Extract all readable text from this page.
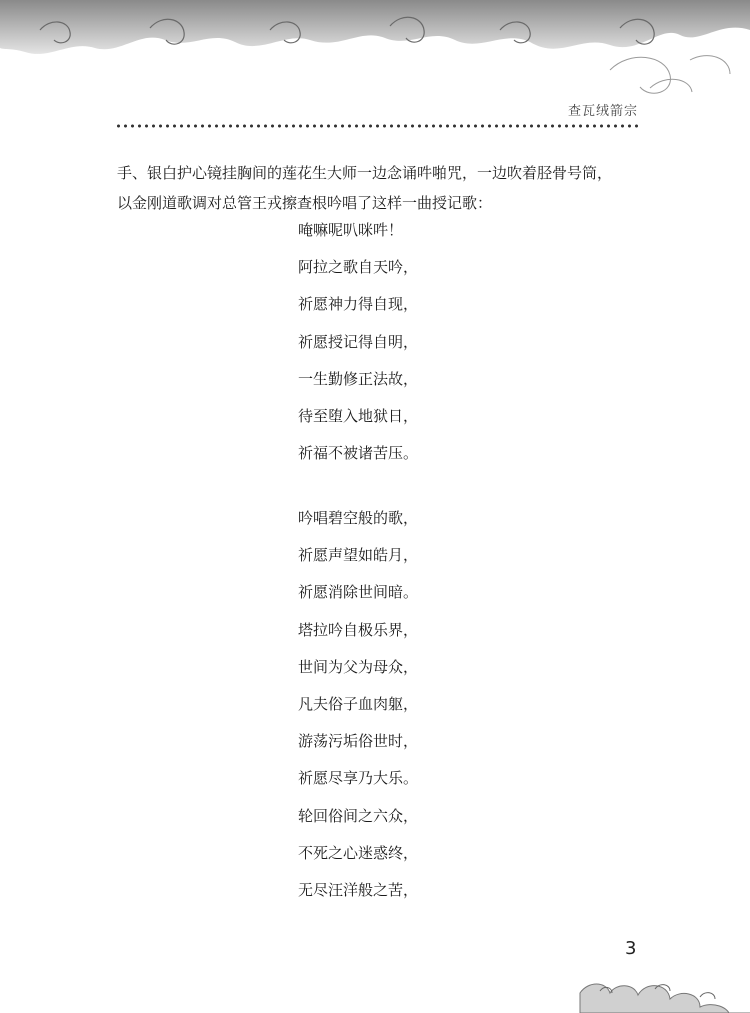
查瓦绒箭宗

手、银白护心镜挂胸间的莲花生大师一边念诵吽啪咒，一边吹着胫骨号筒，

以金刚道歌调对总管王戎擦查根吟唱了这样一曲授记歌：

唵嘛呢叭咪吽！
阿拉之歌自天吟，
祈愿神力得自现，
祈愿授记得自明，
一生勤修正法故，
待至堕入地狱日，
祈福不被诸苦压。
吟唱碧空般的歌，
祈愿声望如皓月，
祈愿消除世间暗。
塔拉吟自极乐界，
世间为父为母众，
凡夫俗子血肉躯，
游荡污垢俗世时，
祈愿尽享乃大乐。
轮回俗间之六众，
不死之心迷惑终，
无尽汪洋般之苦，
3
